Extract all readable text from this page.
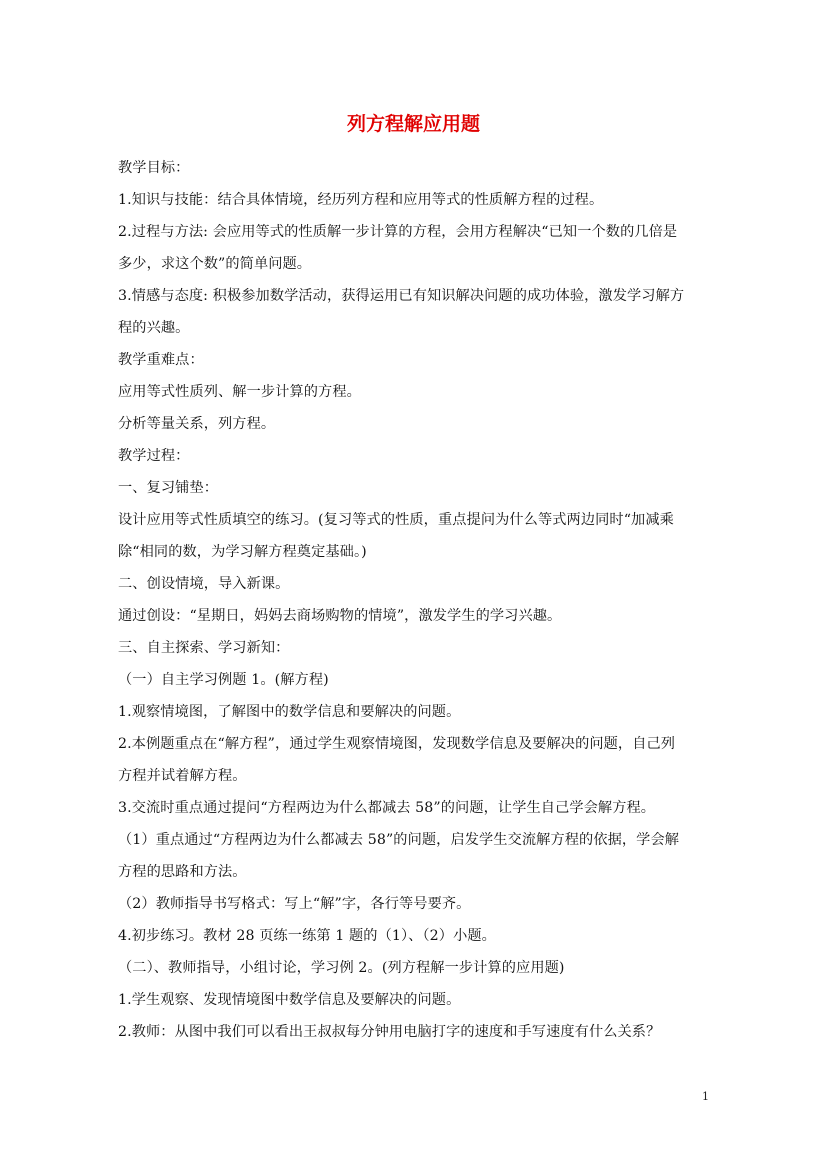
列方程解应用题
教学目标：
1.知识与技能：结合具体情境，经历列方程和应用等式的性质解方程的过程。
2.过程与方法: 会应用等式的性质解一步计算的方程，会用方程解决“已知一个数的几倍是
多少，求这个数”的简单问题。
3.情感与态度: 积极参加数学活动，获得运用已有知识解决问题的成功体验，激发学习解方
程的兴趣。
教学重难点：
应用等式性质列、解一步计算的方程。
分析等量关系，列方程。
教学过程：
一、复习铺垫：
设计应用等式性质填空的练习。(复习等式的性质，重点提问为什么等式两边同时“加减乘
除“相同的数，为学习解方程奠定基础。)
二、创设情境，导入新课。
通过创设：“星期日，妈妈去商场购物的情境”，激发学生的学习兴趣。
三、自主探索、学习新知：
（一）自主学习例题 1。(解方程)
1.观察情境图，了解图中的数学信息和要解决的问题。
2.本例题重点在“解方程”，通过学生观察情境图，发现数学信息及要解决的问题，自己列
方程并试着解方程。
3.交流时重点通过提问“方程两边为什么都减去 58”的问题，让学生自己学会解方程。
（1）重点通过“方程两边为什么都减去 58”的问题，启发学生交流解方程的依据，学会解
方程的思路和方法。
（2）教师指导书写格式：写上“解”字，各行等号要齐。
4.初步练习。教材 28 页练一练第 1 题的（1）、（2）小题。
（二）、教师指导，小组讨论，学习例 2。(列方程解一步计算的应用题)
1.学生观察、发现情境图中数学信息及要解决的问题。
2.教师：从图中我们可以看出王叔叔每分钟用电脑打字的速度和手写速度有什么关系？
1
